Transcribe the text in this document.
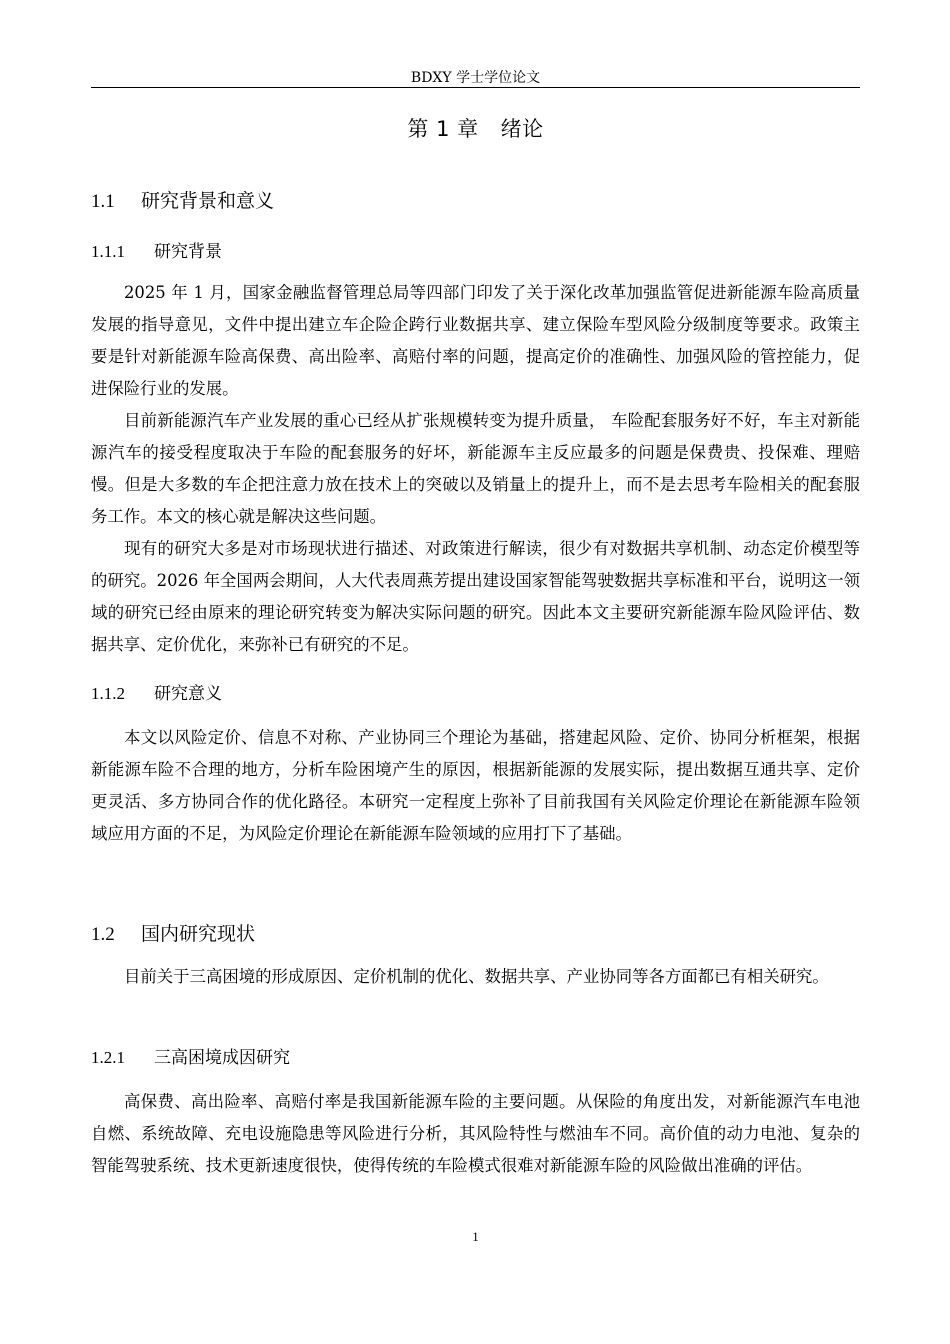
BDXY 学士学位论文
第 1 章 绪论
1.1 研究背景和意义
1.1.1 研究背景

2025 年 1 月，国家金融监督管理总局等四部门印发了关于深化改革加强监管促进新能源车险高质量发展的指导意见，文件中提出建立车企险企跨行业数据共享、建立保险车型风险分级制度等要求。政策主要是针对新能源车险高保费、高出险率、高赔付率的问题，提高定价的准确性、加强风险的管控能力，促进保险行业的发展。

目前新能源汽车产业发展的重心已经从扩张规模转变为提升质量， 车险配套服务好不好，车主对新能源汽车的接受程度取决于车险的配套服务的好坏，新能源车主反应最多的问题是保费贵、投保难、理赔慢。但是大多数的车企把注意力放在技术上的突破以及销量上的提升上，而不是去思考车险相关的配套服务工作。本文的核心就是解决这些问题。

现有的研究大多是对市场现状进行描述、对政策进行解读，很少有对数据共享机制、动态定价模型等的研究。2026 年全国两会期间，人大代表周燕芳提出建设国家智能驾驶数据共享标准和平台，说明这一领域的研究已经由原来的理论研究转变为解决实际问题的研究。因此本文主要研究新能源车险风险评估、数据共享、定价优化，来弥补已有研究的不足。

1.1.2 研究意义

本文以风险定价、信息不对称、产业协同三个理论为基础，搭建起风险、定价、协同分析框架，根据新能源车险不合理的地方，分析车险困境产生的原因，根据新能源的发展实际，提出数据互通共享、定价更灵活、多方协同合作的优化路径。本研究一定程度上弥补了目前我国有关风险定价理论在新能源车险领域应用方面的不足，为风险定价理论在新能源车险领域的应用打下了基础。

1.2 国内研究现状

目前关于三高困境的形成原因、定价机制的优化、数据共享、产业协同等各方面都已有相关研究。

1.2.1 三高困境成因研究

高保费、高出险率、高赔付率是我国新能源车险的主要问题。从保险的角度出发，对新能源汽车电池自燃、系统故障、充电设施隐患等风险进行分析，其风险特性与燃油车不同。高价值的动力电池、复杂的智能驾驶系统、技术更新速度很快，使得传统的车险模式很难对新能源车险的风险做出准确的评估。

1
